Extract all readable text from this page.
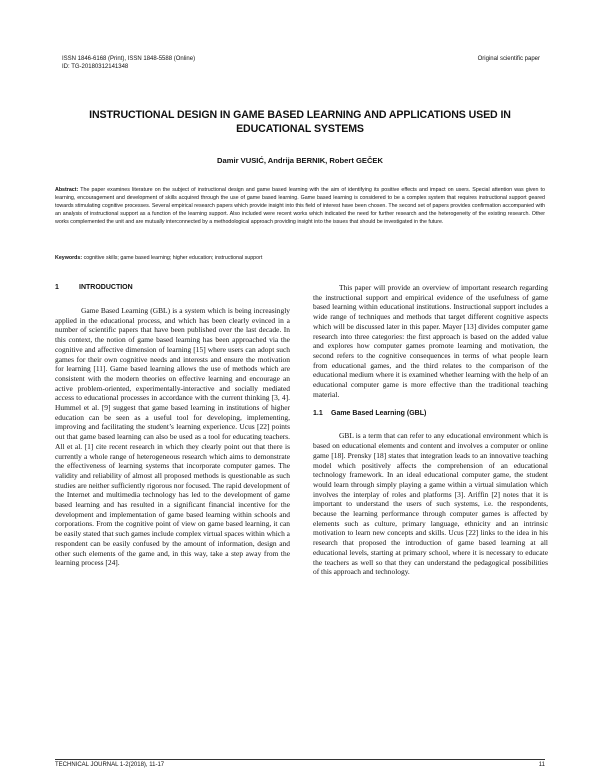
ISSN 1846-6168 (Print), ISSN 1848-5588 (Online)
ID: TG-20180312141348
Original scientific paper
INSTRUCTIONAL DESIGN IN GAME BASED LEARNING AND APPLICATIONS USED IN EDUCATIONAL SYSTEMS
Damir VUSIĆ, Andrija BERNIK, Robert GEČEK
Abstract: The paper examines literature on the subject of instructional design and game based learning with the aim of identifying its positive effects and impact on users. Special attention was given to learning, encouragement and development of skills acquired through the use of game based learning. Game based learning is considered to be a complex system that requires instructional support geared towards stimulating cognitive processes. Several empirical research papers which provide insight into this field of interest have been chosen. The second set of papers provides confirmation accompanied with an analysis of instructional support as a function of the learning support. Also included were recent works which indicated the need for further research and the heterogeneity of the existing research. Other works complemented the unit and are mutually interconnected by a methodological approach providing insight into the issues that should be investigated in the future.
Keywords: cognitive skills; game based learning; higher education; instructional support
1	INTRODUCTION

Game Based Learning (GBL) is a system which is being increasingly applied in the educational process, and which has been clearly evinced in a number of scientific papers that have been published over the last decade. In this context, the notion of game based learning has been approached via the cognitive and affective dimension of learning [15] where users can adopt such games for their own cognitive needs and interests and ensure the motivation for learning [11]. Game based learning allows the use of methods which are consistent with the modern theories on effective learning and encourage an active problem-oriented, experimentally-interactive and socially mediated access to educational processes in accordance with the current thinking [3, 4]. Hummel et al. [9] suggest that game based learning in institutions of higher education can be seen as a useful tool for developing, implementing, improving and facilitating the student’s learning experience. Ucus [22] points out that game based learning can also be used as a tool for educating teachers. All et al. [1] cite recent research in which they clearly point out that there is currently a whole range of heterogeneous research which aims to demonstrate the effectiveness of learning systems that incorporate computer games. The validity and reliability of almost all proposed methods is questionable as such studies are neither sufficiently rigorous nor focused. The rapid development of the Internet and multimedia technology has led to the development of game based learning and has resulted in a significant financial incentive for the development and implementation of game based learning within schools and corporations. From the cognitive point of view on game based learning, it can be easily stated that such games include complex virtual spaces within which a respondent can be easily confused by the amount of information, design and other such elements of the game and, in this way, take a step away from the learning process [24].

This paper will provide an overview of important research regarding the instructional support and empirical evidence of the usefulness of game based learning within educational institutions. Instructional support includes a wide range of techniques and methods that target different cognitive aspects which will be discussed later in this paper. Mayer [13] divides computer game research into three categories: the first approach is based on the added value and explores how computer games promote learning and motivation, the second refers to the cognitive consequences in terms of what people learn from educational games, and the third relates to the comparison of the educational medium where it is examined whether learning with the help of an educational computer game is more effective than the traditional teaching material.

1.1 Game Based Learning (GBL)

GBL is a term that can refer to any educational environment which is based on educational elements and content and involves a computer or online game [18]. Prensky [18] states that integration leads to an innovative teaching model which positively affects the comprehension of an educational technology framework. In an ideal educational computer game, the student would learn through simply playing a game within a virtual simulation which involves the interplay of roles and platforms [3]. Ariffin [2] notes that it is important to understand the users of such systems, i.e. the respondents, because the learning performance through computer games is affected by elements such as culture, primary language, ethnicity and an intrinsic motivation to learn new concepts and skills. Ucus [22] links to the idea in his research that proposed the introduction of game based learning at all educational levels, starting at primary school, where it is necessary to educate the teachers as well so that they can understand the pedagogical possibilities of this approach and technology.

TECHNICAL JOURNAL 1-2(2018), 11-17	11
